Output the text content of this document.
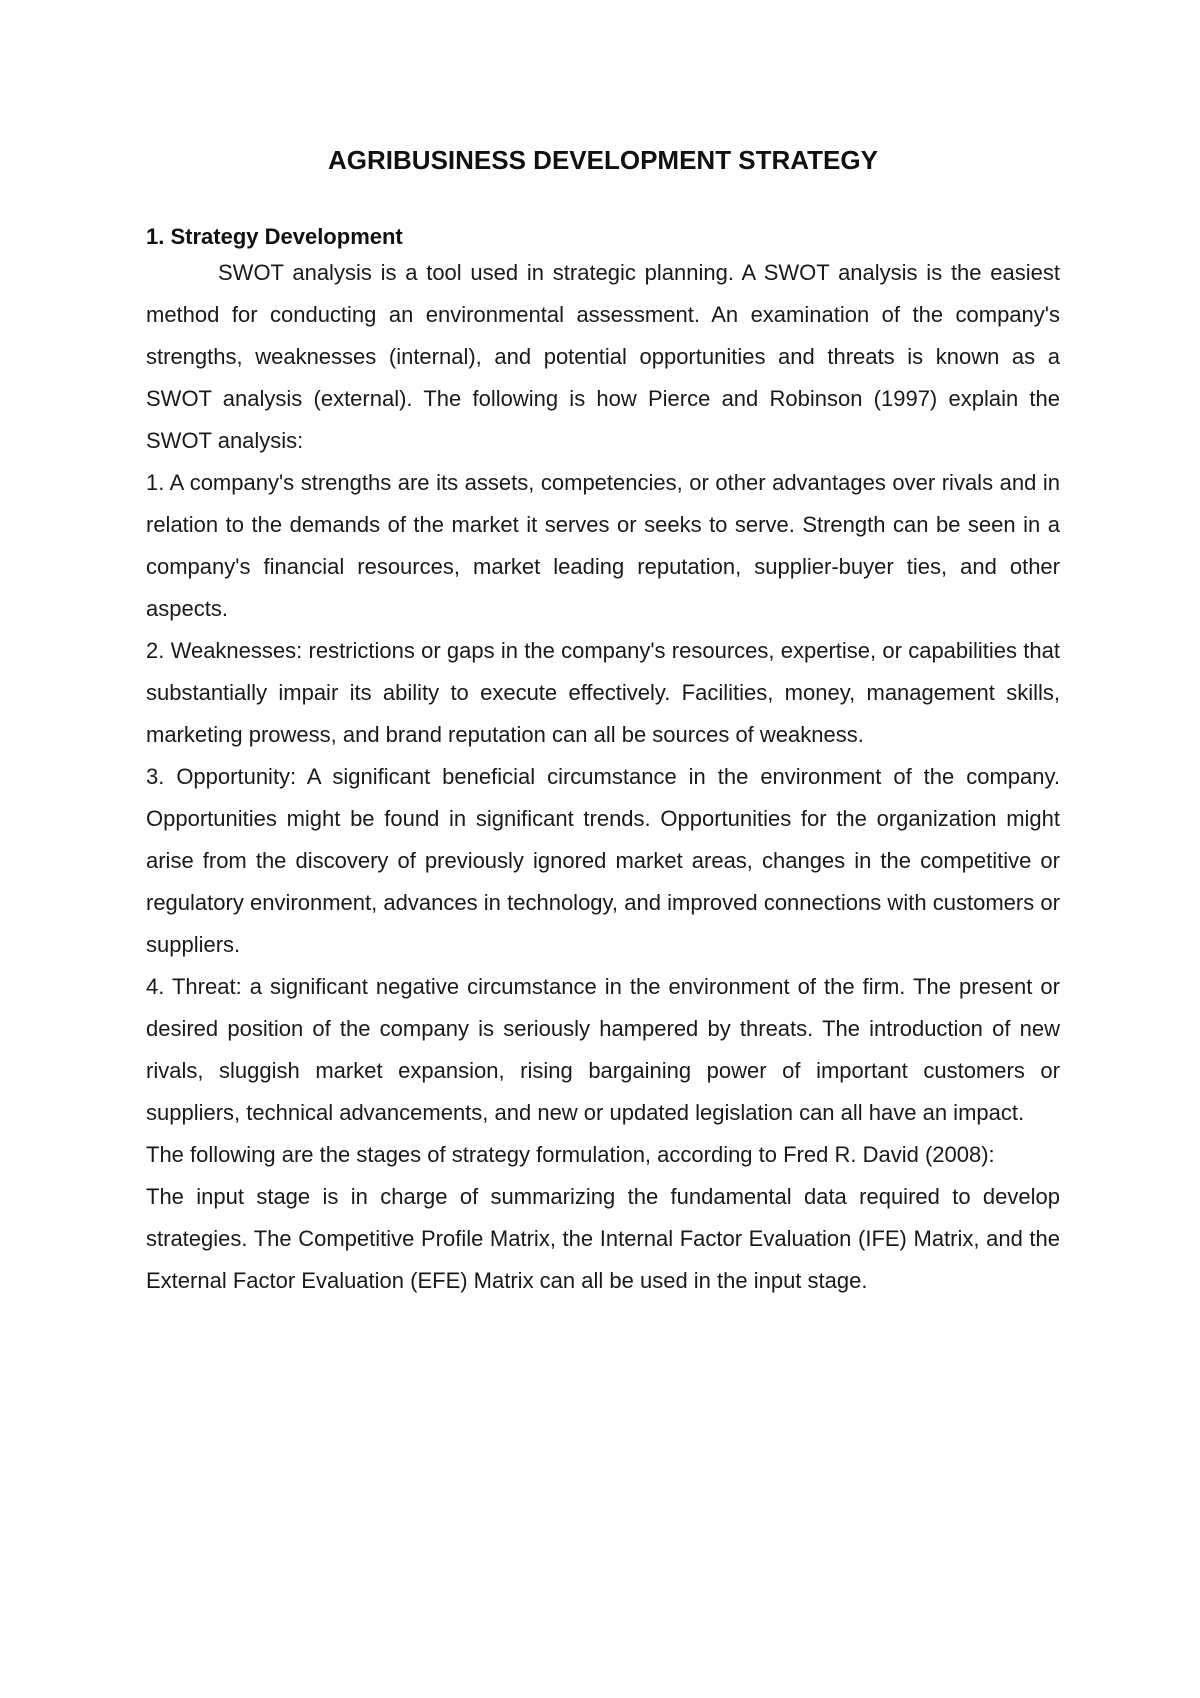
AGRIBUSINESS DEVELOPMENT STRATEGY
1. Strategy Development

SWOT analysis is a tool used in strategic planning. A SWOT analysis is the easiest method for conducting an environmental assessment. An examination of the company's strengths, weaknesses (internal), and potential opportunities and threats is known as a SWOT analysis (external). The following is how Pierce and Robinson (1997) explain the SWOT analysis:

1. A company's strengths are its assets, competencies, or other advantages over rivals and in relation to the demands of the market it serves or seeks to serve. Strength can be seen in a company's financial resources, market leading reputation, supplier-buyer ties, and other aspects.

2. Weaknesses: restrictions or gaps in the company's resources, expertise, or capabilities that substantially impair its ability to execute effectively. Facilities, money, management skills, marketing prowess, and brand reputation can all be sources of weakness.

3. Opportunity: A significant beneficial circumstance in the environment of the company. Opportunities might be found in significant trends. Opportunities for the organization might arise from the discovery of previously ignored market areas, changes in the competitive or regulatory environment, advances in technology, and improved connections with customers or suppliers.

4. Threat: a significant negative circumstance in the environment of the firm. The present or desired position of the company is seriously hampered by threats. The introduction of new rivals, sluggish market expansion, rising bargaining power of important customers or suppliers, technical advancements, and new or updated legislation can all have an impact.

The following are the stages of strategy formulation, according to Fred R. David (2008):

The input stage is in charge of summarizing the fundamental data required to develop strategies. The Competitive Profile Matrix, the Internal Factor Evaluation (IFE) Matrix, and the External Factor Evaluation (EFE) Matrix can all be used in the input stage.
